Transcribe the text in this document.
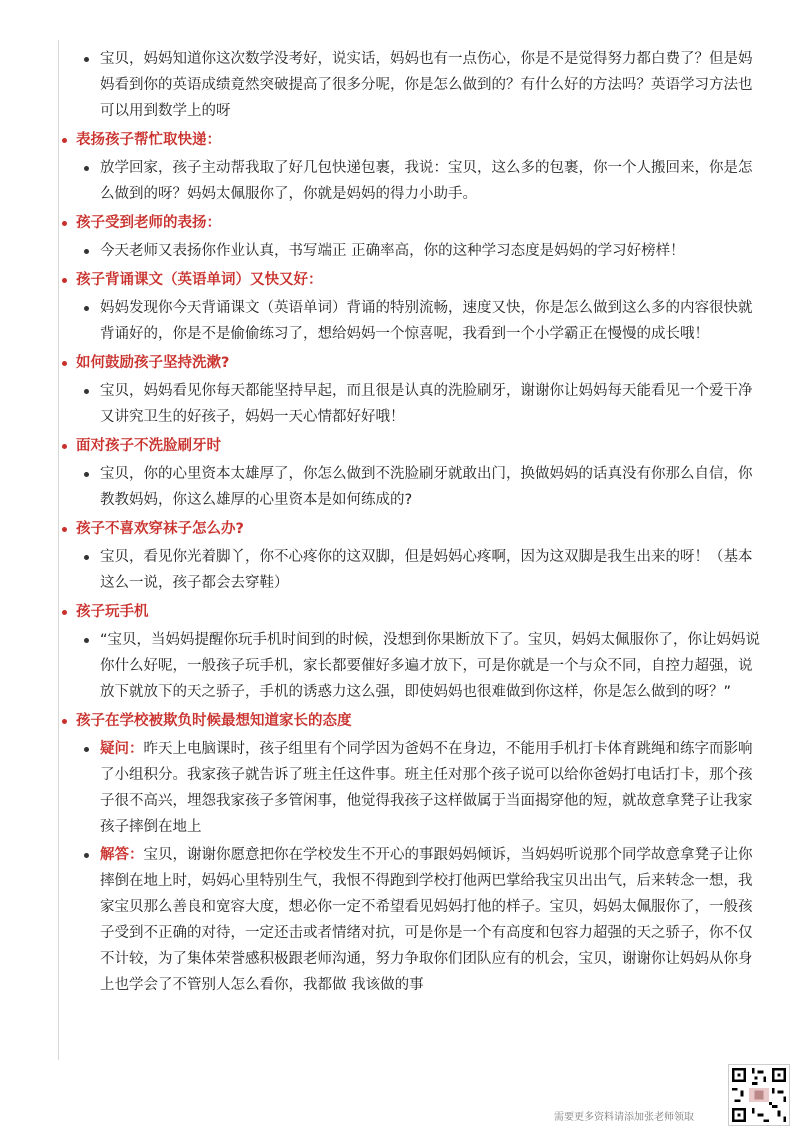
宝贝，妈妈知道你这次数学没考好，说实话，妈妈也有一点伤心，你是不是觉得努力都白费了？但是妈妈看到你的英语成绩竟然突破提高了很多分呢，你是怎么做到的？有什么好的方法吗？英语学习方法也可以用到数学上的呀
表扬孩子帮忙取快递：
放学回家，孩子主动帮我取了好几包快递包裹，我说：宝贝，这么多的包裹，你一个人搬回来，你是怎么做到的呀？妈妈太佩服你了，你就是妈妈的得力小助手。
孩子受到老师的表扬：
今天老师又表扬你作业认真，书写端正 正确率高，你的这种学习态度是妈妈的学习好榜样！
孩子背诵课文（英语单词）又快又好：
妈妈发现你今天背诵课文（英语单词）背诵的特别流畅，速度又快，你是怎么做到这么多的内容很快就背诵好的，你是不是偷偷练习了，想给妈妈一个惊喜呢，我看到一个小学霸正在慢慢的成长哦！
如何鼓励孩子坚持洗漱?
宝贝，妈妈看见你每天都能坚持早起，而且很是认真的洗脸刷牙，谢谢你让妈妈每天能看见一个爱干净又讲究卫生的好孩子，妈妈一天心情都好好哦！
面对孩子不洗脸刷牙时
宝贝，你的心里资本太雄厚了，你怎么做到不洗脸刷牙就敢出门，换做妈妈的话真没有你那么自信，你教教妈妈，你这么雄厚的心里资本是如何练成的?
孩子不喜欢穿袜子怎么办?
宝贝，看见你光着脚丫，你不心疼你的这双脚，但是妈妈心疼啊，因为这双脚是我生出来的呀！（基本这么一说，孩子都会去穿鞋）
孩子玩手机
“宝贝，当妈妈提醒你玩手机时间到的时候，没想到你果断放下了。宝贝，妈妈太佩服你了，你让妈妈说你什么好呢，一般孩子玩手机，家长都要催好多遍才放下，可是你就是一个与众不同，自控力超强，说放下就放下的天之骄子，手机的诱惑力这么强，即使妈妈也很难做到你这样，你是怎么做到的呀？”
孩子在学校被欺负时候最想知道家长的态度
疑问：昨天上电脑课时，孩子组里有个同学因为爸妈不在身边，不能用手机打卡体育跳绳和练字而影响了小组积分。我家孩子就告诉了班主任这件事。班主任对那个孩子说可以给你爸妈打电话打卡，那个孩子很不高兴，埋怨我家孩子多管闲事，他觉得我孩子这样做属于当面揭穿他的短，就故意拿凳子让我家孩子摔倒在地上
解答：宝贝，谢谢你愿意把你在学校发生不开心的事跟妈妈倾诉，当妈妈听说那个同学故意拿凳子让你摔倒在地上时，妈妈心里特别生气，我恨不得跑到学校打他两巴掌给我宝贝出出气，后来转念一想，我家宝贝那么善良和宽容大度，想必你一定不希望看见妈妈打他的样子。宝贝，妈妈太佩服你了，一般孩子受到不正确的对待，一定还击或者情绪对抗，可是你是一个有高度和包容力超强的天之骄子，你不仅不计较，为了集体荣誉感积极跟老师沟通，努力争取你们团队应有的机会，宝贝，谢谢你让妈妈从你身上也学会了不管别人怎么看你，我都做 我该做的事
需要更多资料请添加张老师领取
